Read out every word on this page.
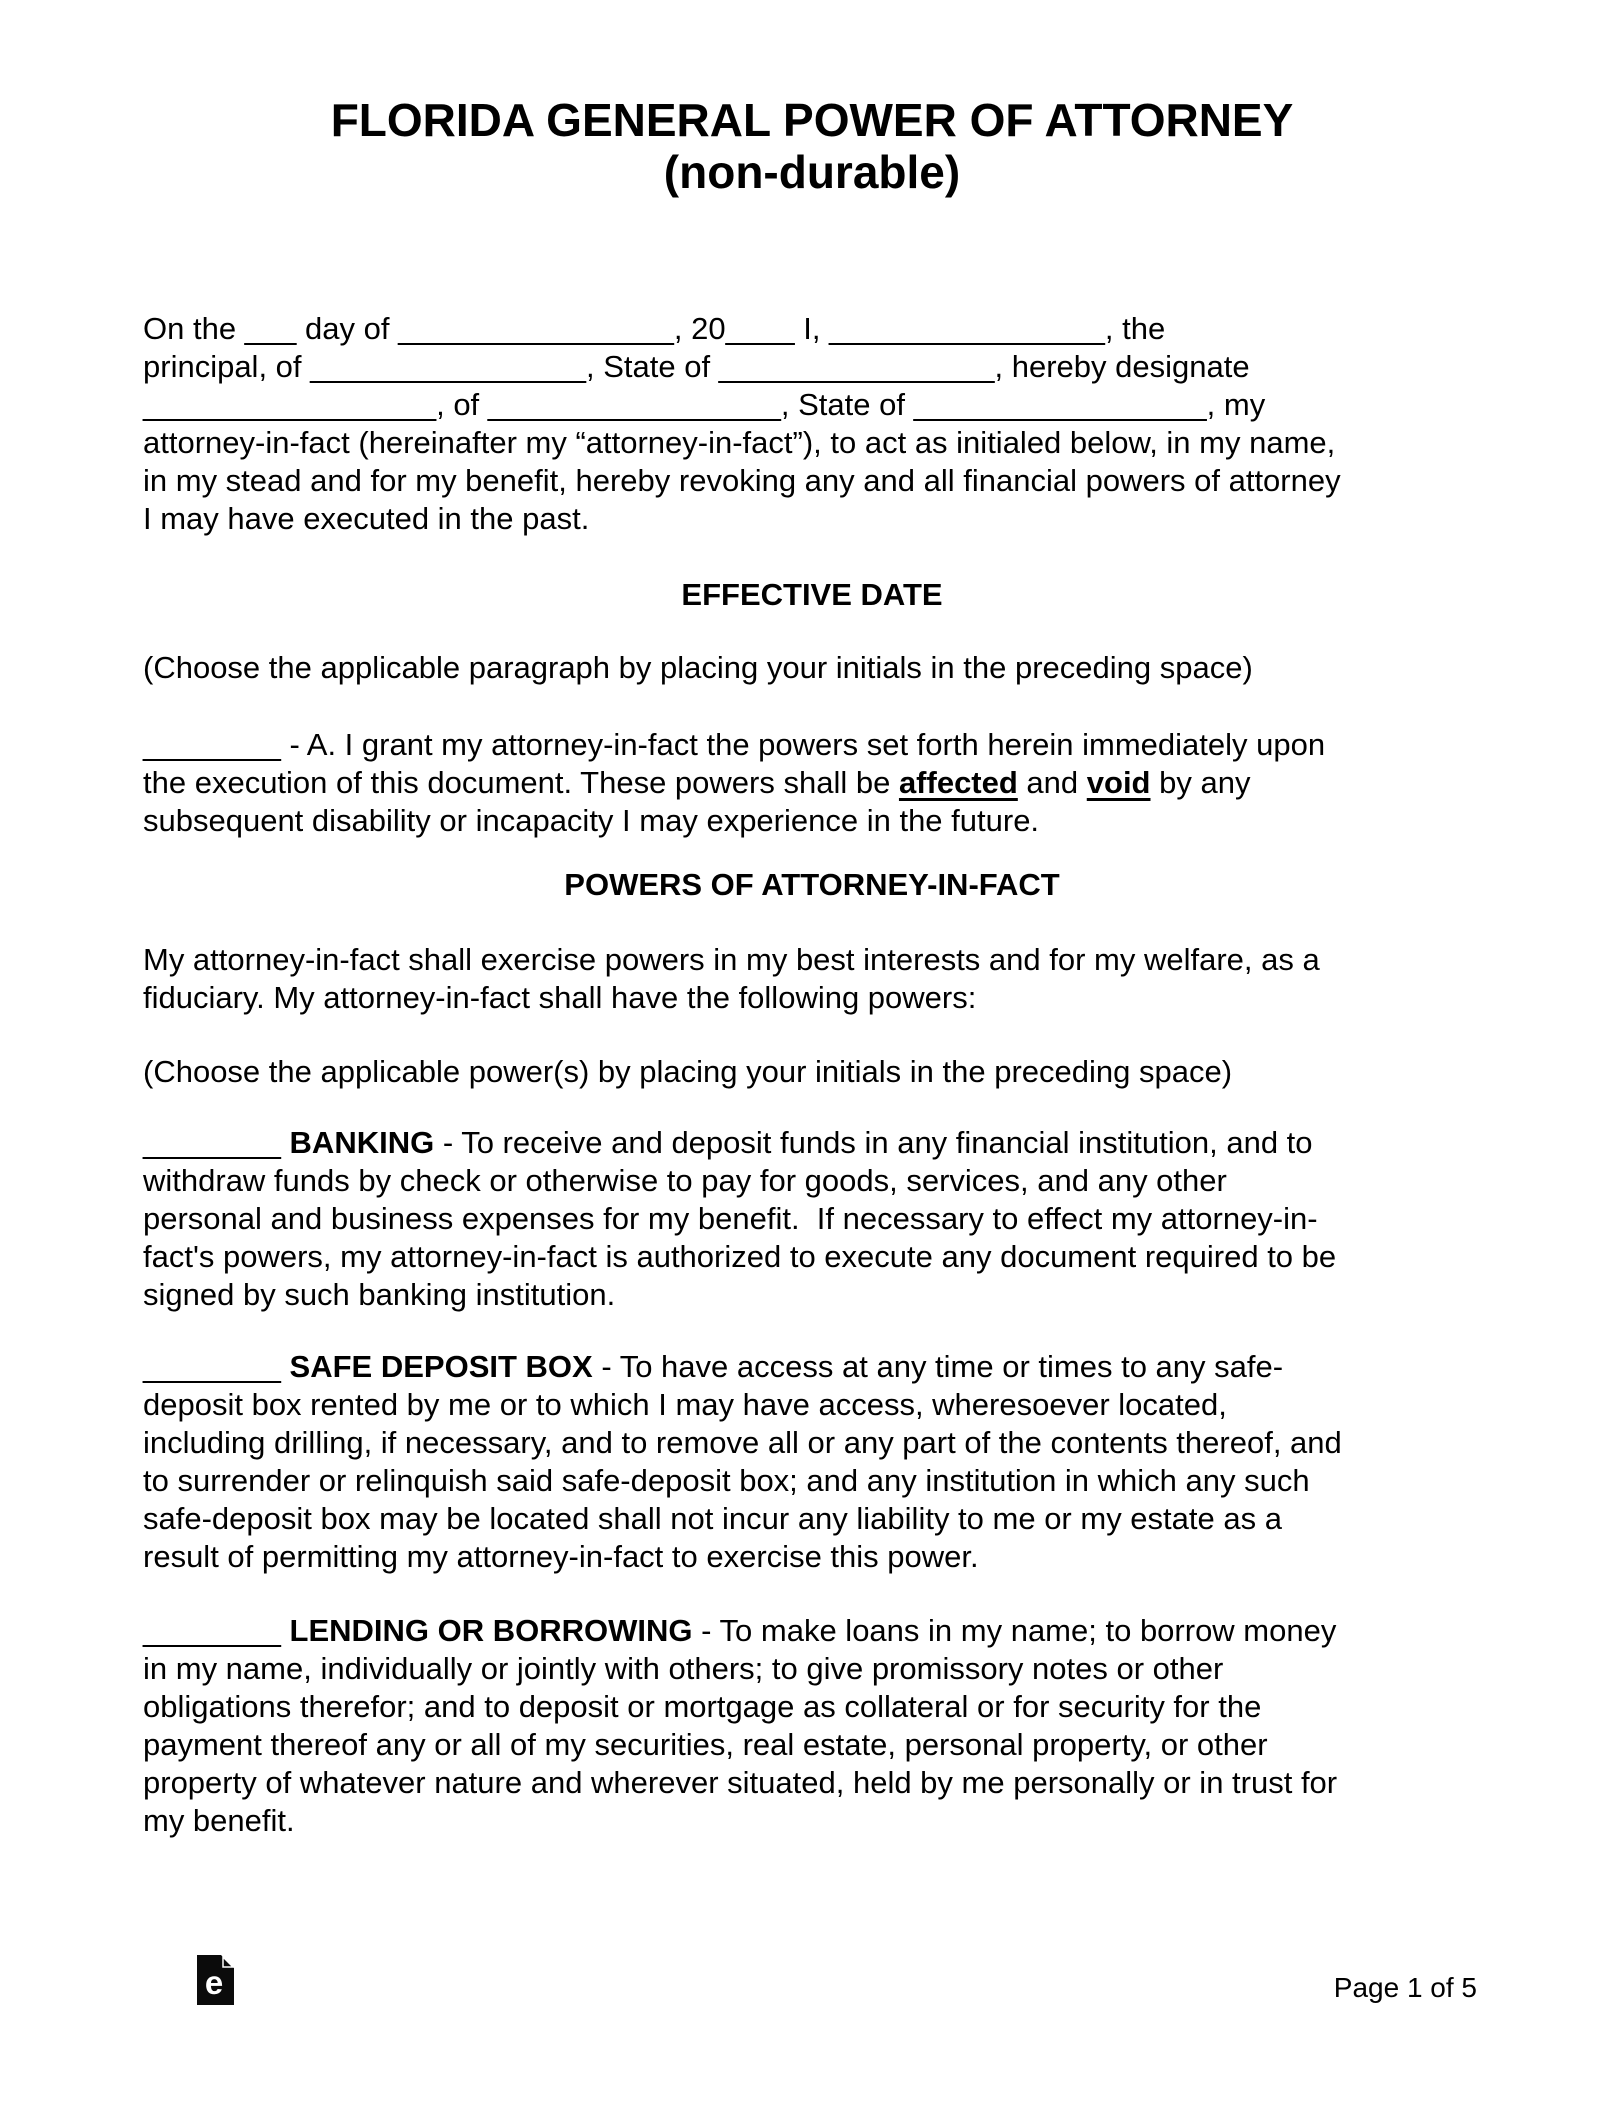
FLORIDA GENERAL POWER OF ATTORNEY
(non-durable)
On the ___ day of ________________, 20____ I, ________________, the
principal, of ________________, State of ________________, hereby designate
_________________, of _________________, State of _________________, my
attorney-in-fact (hereinafter my “attorney-in-fact”), to act as initialed below, in my name,
in my stead and for my benefit, hereby revoking any and all financial powers of attorney
I may have executed in the past.
EFFECTIVE DATE
(Choose the applicable paragraph by placing your initials in the preceding space)
________ - A. I grant my attorney-in-fact the powers set forth herein immediately upon
the execution of this document. These powers shall be affected and void by any
subsequent disability or incapacity I may experience in the future.
POWERS OF ATTORNEY-IN-FACT
My attorney-in-fact shall exercise powers in my best interests and for my welfare, as a
fiduciary. My attorney-in-fact shall have the following powers:
(Choose the applicable power(s) by placing your initials in the preceding space)
________ BANKING - To receive and deposit funds in any financial institution, and to
withdraw funds by check or otherwise to pay for goods, services, and any other
personal and business expenses for my benefit.  If necessary to effect my attorney-in-
fact's powers, my attorney-in-fact is authorized to execute any document required to be
signed by such banking institution.
________ SAFE DEPOSIT BOX - To have access at any time or times to any safe-
deposit box rented by me or to which I may have access, wheresoever located,
including drilling, if necessary, and to remove all or any part of the contents thereof, and
to surrender or relinquish said safe-deposit box; and any institution in which any such
safe-deposit box may be located shall not incur any liability to me or my estate as a
result of permitting my attorney-in-fact to exercise this power.
________ LENDING OR BORROWING - To make loans in my name; to borrow money
in my name, individually or jointly with others; to give promissory notes or other
obligations therefor; and to deposit or mortgage as collateral or for security for the
payment thereof any or all of my securities, real estate, personal property, or other
property of whatever nature and wherever situated, held by me personally or in trust for
my benefit.
e	Page 1 of 5
